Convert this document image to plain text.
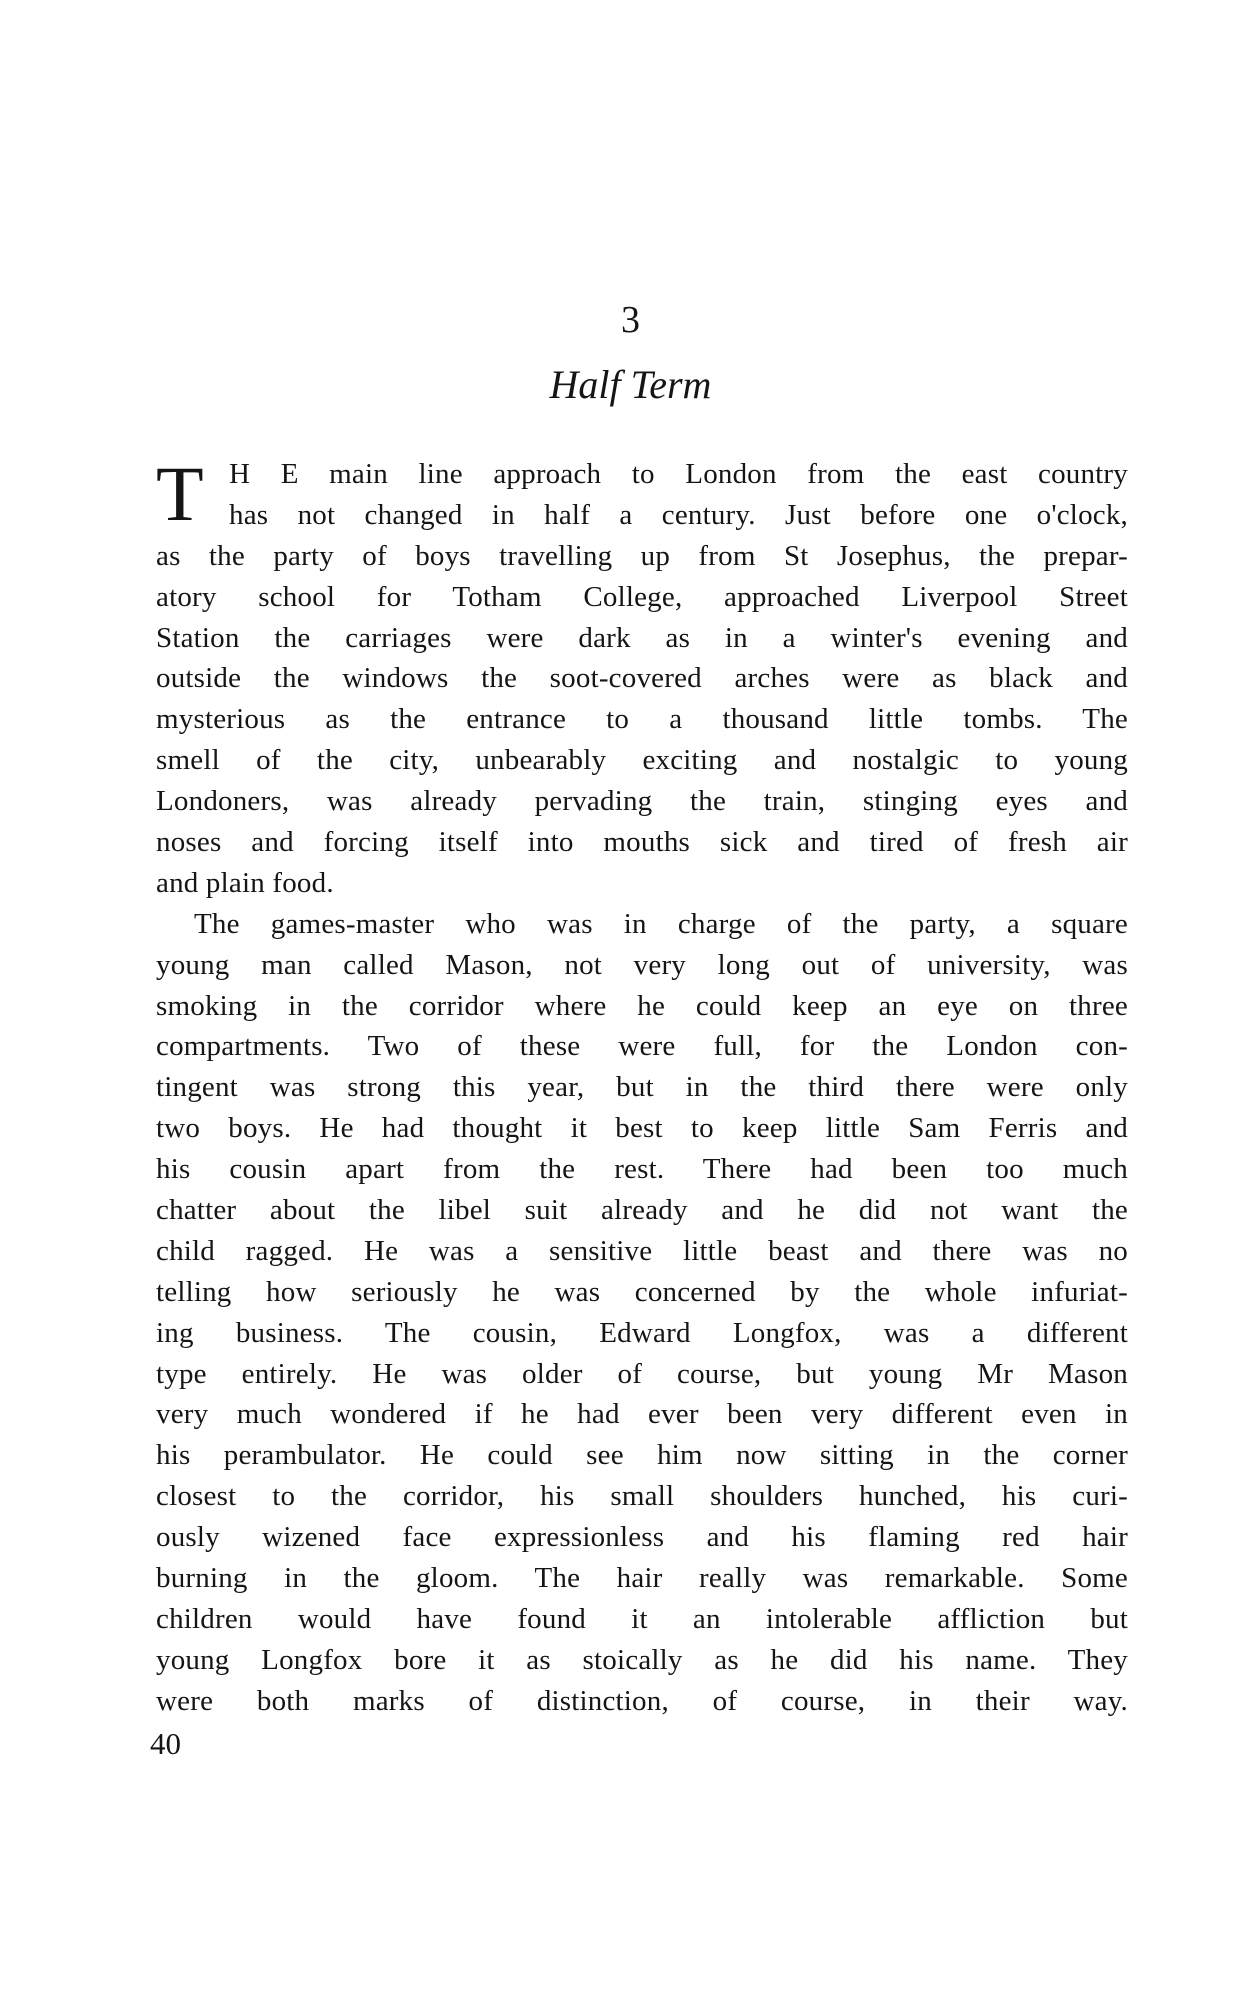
3
Half Term
T H E main line approach to London from the east country
has not changed in half a century. Just before one o'clock,
as the party of boys travelling up from St Josephus, the prepar-
atory school for Totham College, approached Liverpool Street
Station the carriages were dark as in a winter's evening and
outside the windows the soot-covered arches were as black and
mysterious as the entrance to a thousand little tombs. The
smell of the city, unbearably exciting and nostalgic to young
Londoners, was already pervading the train, stinging eyes and
noses and forcing itself into mouths sick and tired of fresh air
and plain food.
The games-master who was in charge of the party, a square
young man called Mason, not very long out of university, was
smoking in the corridor where he could keep an eye on three
compartments. Two of these were full, for the London con-
tingent was strong this year, but in the third there were only
two boys. He had thought it best to keep little Sam Ferris and
his cousin apart from the rest. There had been too much
chatter about the libel suit already and he did not want the
child ragged. He was a sensitive little beast and there was no
telling how seriously he was concerned by the whole infuriat-
ing business. The cousin, Edward Longfox, was a different
type entirely. He was older of course, but young Mr Mason
very much wondered if he had ever been very different even in
his perambulator. He could see him now sitting in the corner
closest to the corridor, his small shoulders hunched, his curi-
ously wizened face expressionless and his flaming red hair
burning in the gloom. The hair really was remarkable. Some
children would have found it an intolerable affliction but
young Longfox bore it as stoically as he did his name. They
were both marks of distinction, of course, in their way.
40
